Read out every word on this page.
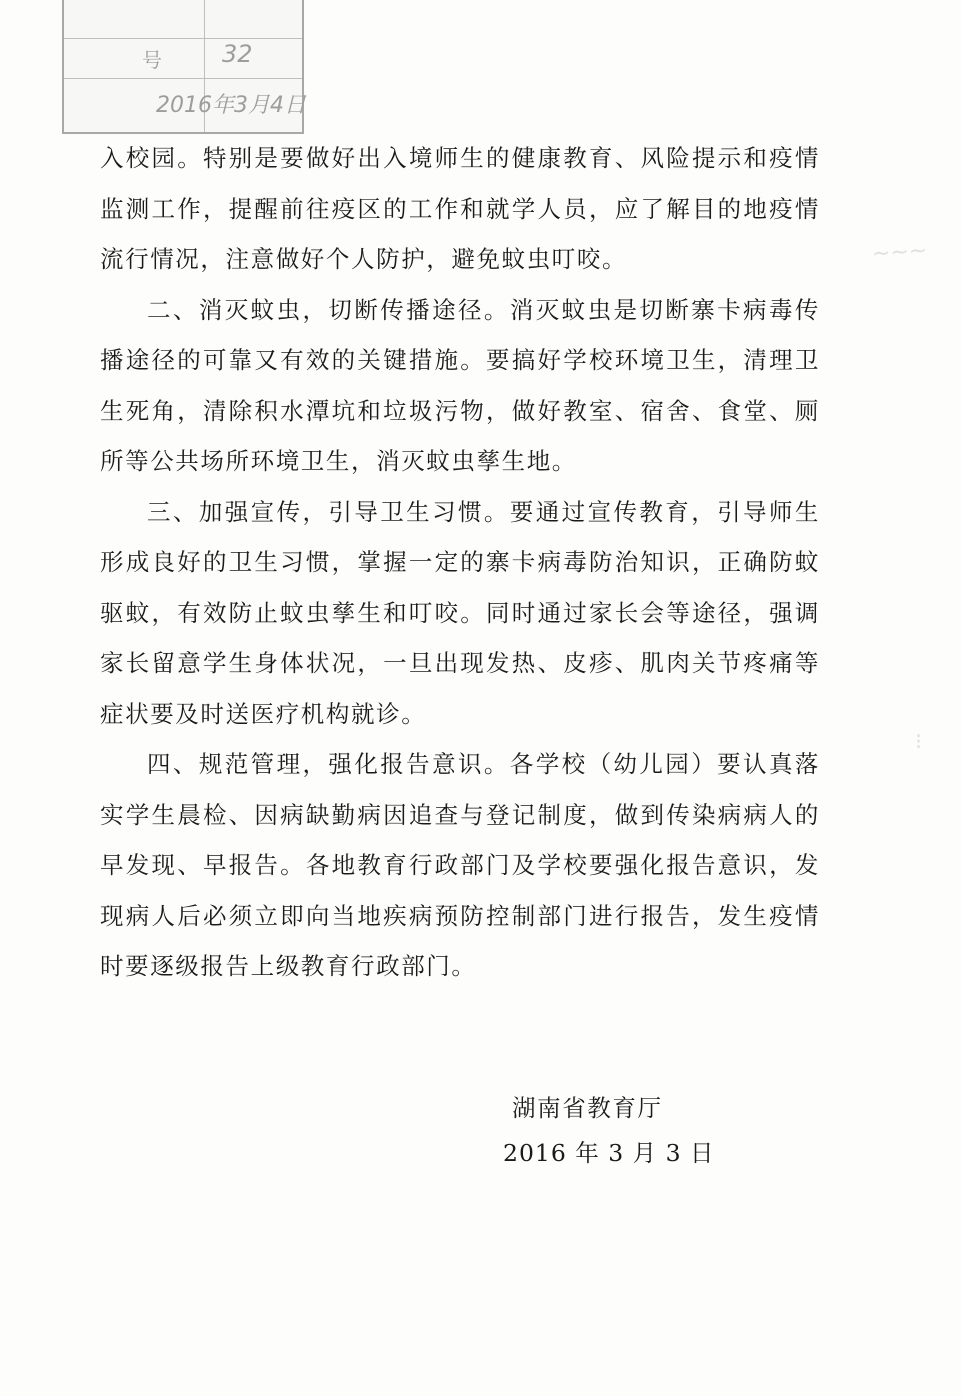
32
号
2016年3月4日

入校园。特别是要做好出入境师生的健康教育、风险提示和疫情监测工作，提醒前往疫区的工作和就学人员，应了解目的地疫情流行情况，注意做好个人防护，避免蚊虫叮咬。

二、消灭蚊虫，切断传播途径。消灭蚊虫是切断寨卡病毒传播途径的可靠又有效的关键措施。要搞好学校环境卫生，清理卫生死角，清除积水潭坑和垃圾污物，做好教室、宿舍、食堂、厕所等公共场所环境卫生，消灭蚊虫孳生地。

三、加强宣传，引导卫生习惯。要通过宣传教育，引导师生形成良好的卫生习惯，掌握一定的寨卡病毒防治知识，正确防蚊驱蚊，有效防止蚊虫孳生和叮咬。同时通过家长会等途径，强调家长留意学生身体状况，一旦出现发热、皮疹、肌肉关节疼痛等症状要及时送医疗机构就诊。

四、规范管理，强化报告意识。各学校（幼儿园）要认真落实学生晨检、因病缺勤病因追查与登记制度，做到传染病病人的早发现、早报告。各地教育行政部门及学校要强化报告意识，发现病人后必须立即向当地疾病预防控制部门进行报告，发生疫情时要逐级报告上级教育行政部门。

湖南省教育厅
2016 年 3 月 3 日
~~~
⁝
